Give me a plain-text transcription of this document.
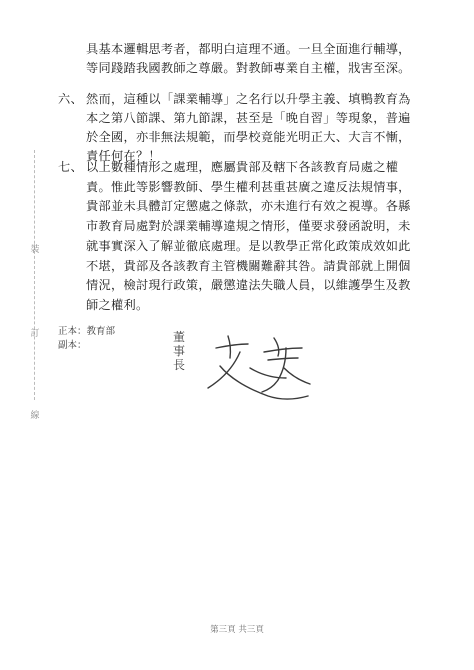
裝
訂
線
具基本邏輯思考者，都明白這理不通。一旦全面進行輔導，
等同踐踏我國教師之尊嚴。對教師專業自主權，戕害至深。
六、 然而，這種以「課業輔導」之名行以升學主義、填鴨教育為
本之第八節課、第九節課，甚至是「晚自習」等現象，普遍
於全國，亦非無法規範，而學校竟能光明正大、大言不慚，
責任何在？！
七、 以上數種情形之處理，應屬貴部及轄下各該教育局處之權
責。惟此等影響教師、學生權利甚重甚廣之違反法規情事，
貴部並未具體訂定懲處之條款，亦未進行有效之視導。各縣
市教育局處對於課業輔導違規之情形，僅要求發函說明，未
就事實深入了解並徹底處理。是以教學正常化政策成效如此
不堪，貴部及各該教育主管機關難辭其咎。請貴部就上開個
情況，檢討現行政策，嚴懲違法失職人員，以維護學生及教
師之權利。
正本：教育部
副本：
董
事
長
第三頁 共三頁
